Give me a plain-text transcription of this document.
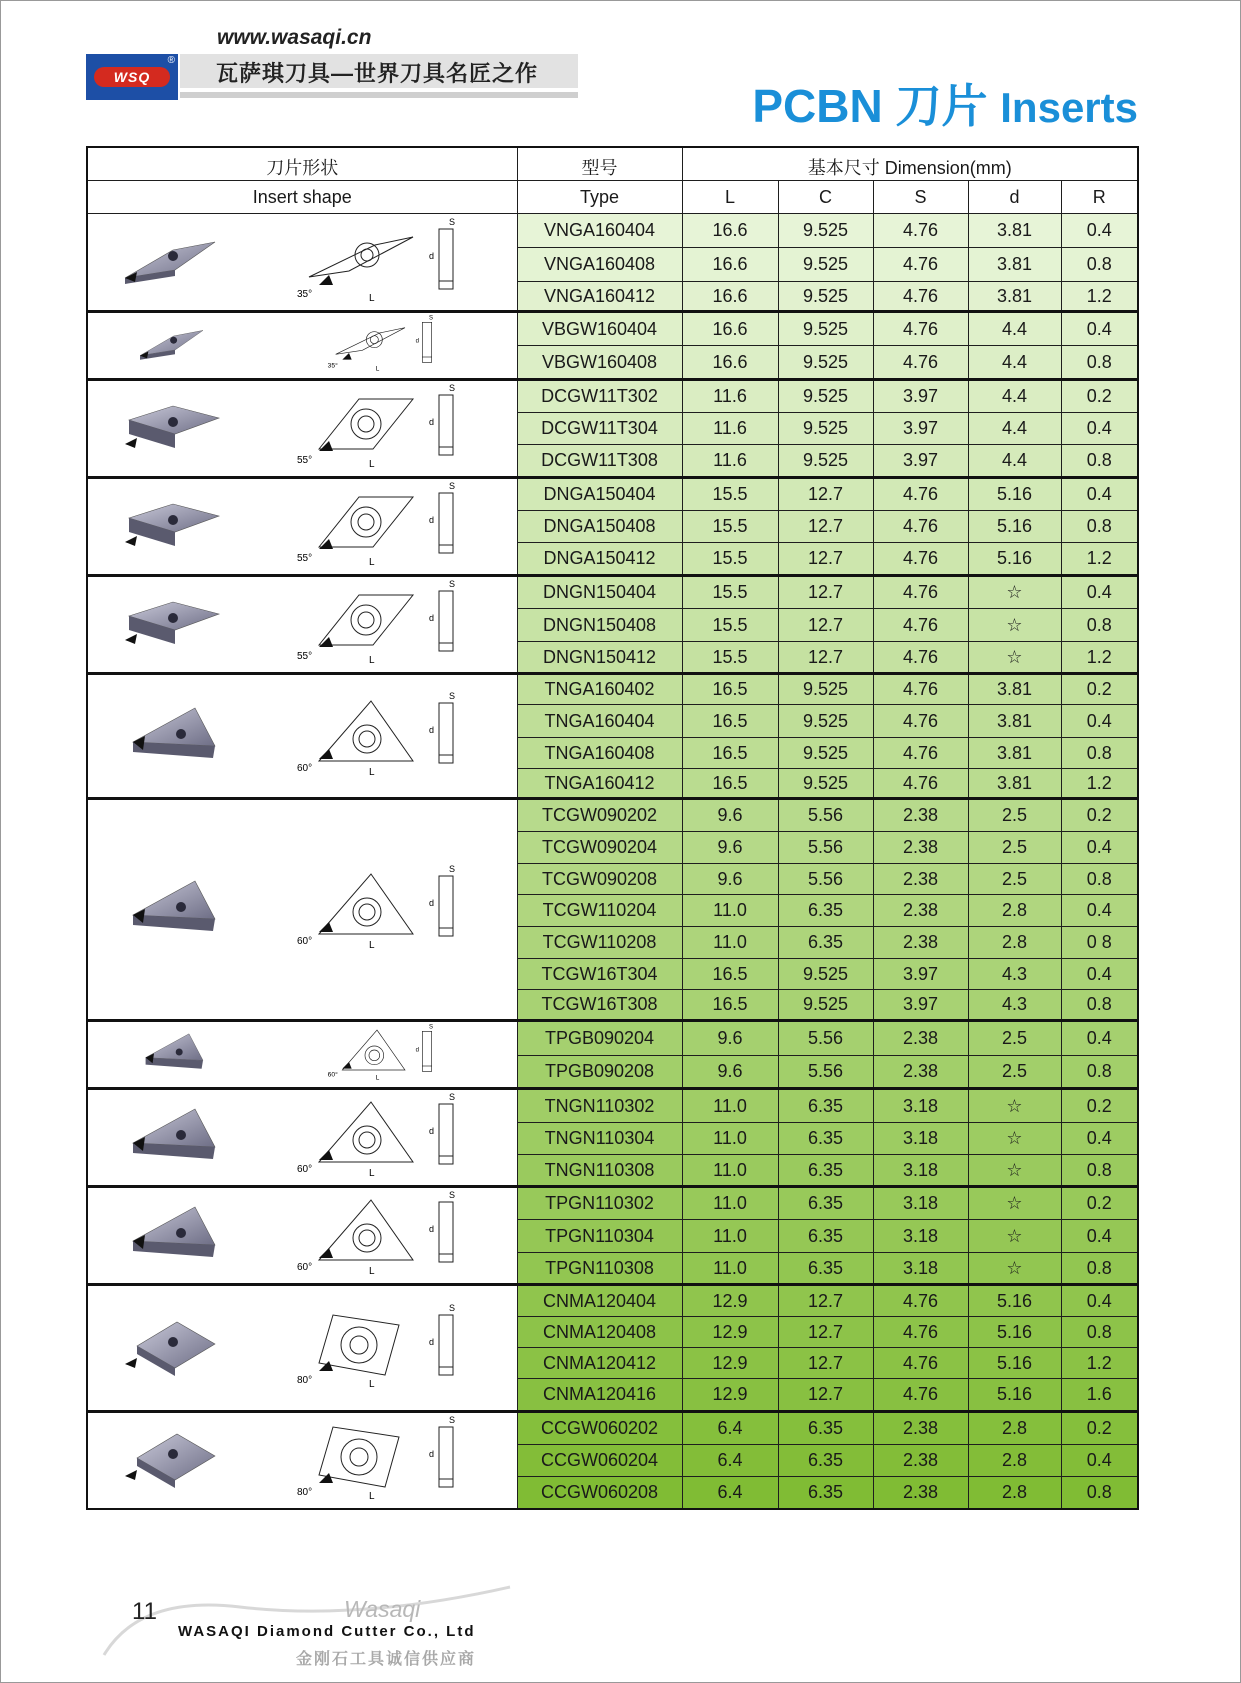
www.wasaqi.cn
WSQ
®
瓦萨琪刀具—世界刀具名匠之作
PCBN 刀片 Inserts
刀片形状	型号	基本尺寸 Dimension(mm)				
Insert shape	Type	L	C	S	d	R

35° L
S
d	VNGA160404	16.6	9.525	4.76	3.81	0.4
	VNGA160408	16.6	9.525	4.76	3.81	0.8
	VNGA160412	16.6	9.525	4.76	3.81	1.2

35° L
S
d	VBGW160404	16.6	9.525	4.76	4.4	0.4
	VBGW160408	16.6	9.525	4.76	4.4	0.8

55° L
S
d	DCGW11T302	11.6	9.525	3.97	4.4	0.2
	DCGW11T304	11.6	9.525	3.97	4.4	0.4
	DCGW11T308	11.6	9.525	3.97	4.4	0.8

55° L
S
d	DNGA150404	15.5	12.7	4.76	5.16	0.4
	DNGA150408	15.5	12.7	4.76	5.16	0.8
	DNGA150412	15.5	12.7	4.76	5.16	1.2

55° L
S
d	DNGN150404	15.5	12.7	4.76	☆	0.4
	DNGN150408	15.5	12.7	4.76	☆	0.8
	DNGN150412	15.5	12.7	4.76	☆	1.2

60° L
S
d	TNGA160402	16.5	9.525	4.76	3.81	0.2
	TNGA160404	16.5	9.525	4.76	3.81	0.4
	TNGA160408	16.5	9.525	4.76	3.81	0.8
	TNGA160412	16.5	9.525	4.76	3.81	1.2

60° L
S
d	TCGW090202	9.6	5.56	2.38	2.5	0.2
	TCGW090204	9.6	5.56	2.38	2.5	0.4
	TCGW090208	9.6	5.56	2.38	2.5	0.8
	TCGW110204	11.0	6.35	2.38	2.8	0.4
	TCGW110208	11.0	6.35	2.38	2.8	0 8
	TCGW16T304	16.5	9.525	3.97	4.3	0.4
	TCGW16T308	16.5	9.525	3.97	4.3	0.8

60° L
S
d	TPGB090204	9.6	5.56	2.38	2.5	0.4
	TPGB090208	9.6	5.56	2.38	2.5	0.8

60° L
S
d	TNGN110302	11.0	6.35	3.18	☆	0.2
	TNGN110304	11.0	6.35	3.18	☆	0.4
	TNGN110308	11.0	6.35	3.18	☆	0.8

60° L
S
d	TPGN110302	11.0	6.35	3.18	☆	0.2
	TPGN110304	11.0	6.35	3.18	☆	0.4
	TPGN110308	11.0	6.35	3.18	☆	0.8

80° L
S
d	CNMA120404	12.9	12.7	4.76	5.16	0.4
	CNMA120408	12.9	12.7	4.76	5.16	0.8
	CNMA120412	12.9	12.7	4.76	5.16	1.2
	CNMA120416	12.9	12.7	4.76	5.16	1.6

80° L
S
d	CCGW060202	6.4	6.35	2.38	2.8	0.2
	CCGW060204	6.4	6.35	2.38	2.8	0.4
	CCGW060208	6.4	6.35	2.38	2.8	0.8
11	Wasaqi
WASAQI Diamond Cutter Co., Ltd
金刚石工具诚信供应商
